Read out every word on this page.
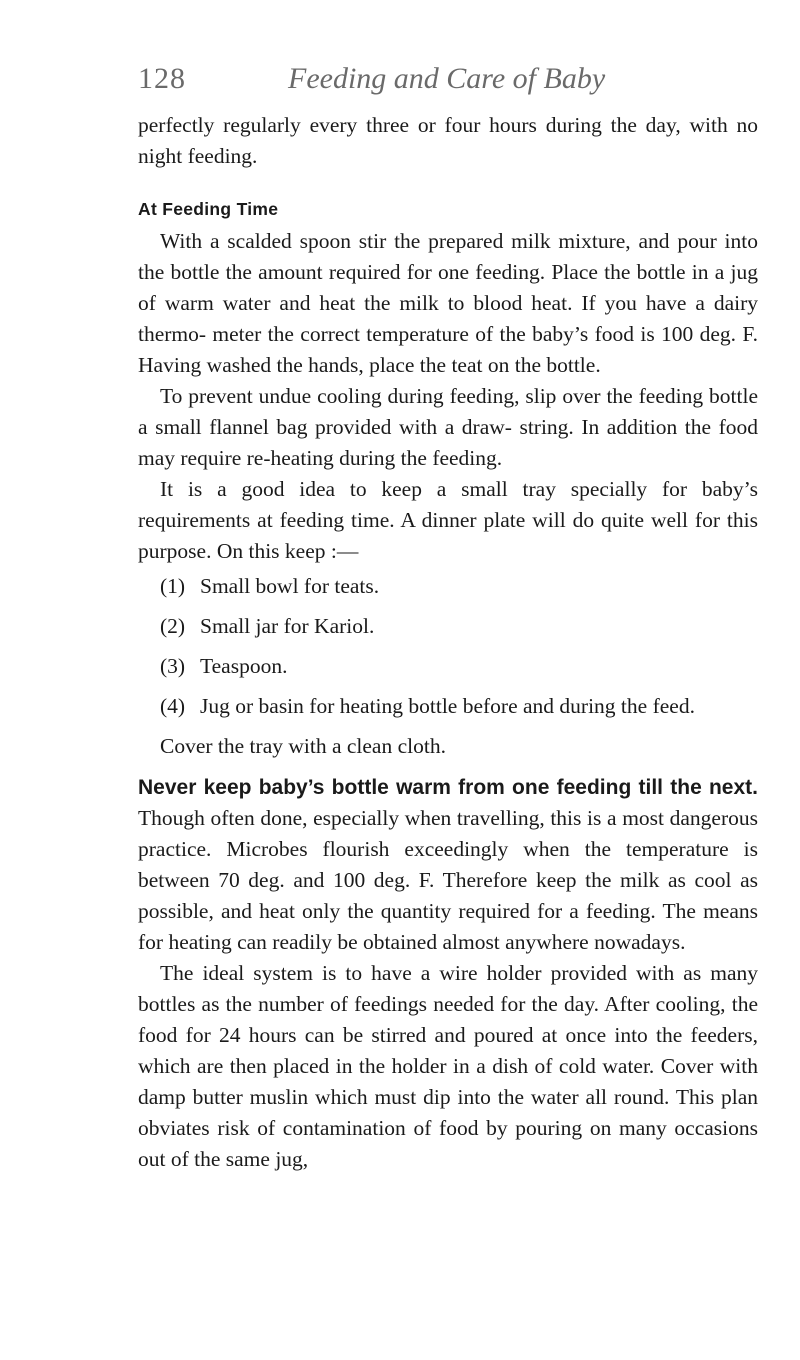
128	Feeding and Care of Baby

perfectly regularly every three or four hours during the day, with no night feeding.

At Feeding Time

With a scalded spoon stir the prepared milk mixture, and pour into the bottle the amount required for one feeding. Place the bottle in a jug of warm water and heat the milk to blood heat. If you have a dairy thermo- meter the correct temperature of the baby’s food is 100 deg. F. Having washed the hands, place the teat on the bottle.

To prevent undue cooling during feeding, slip over the feeding bottle a small flannel bag provided with a draw- string. In addition the food may require re-heating during the feeding.

It is a good idea to keep a small tray specially for baby’s requirements at feeding time. A dinner plate will do quite well for this purpose. On this keep :—

(1) Small bowl for teats.
(2) Small jar for Kariol.
(3) Teaspoon.
(4) Jug or basin for heating bottle before and during the feed.

Cover the tray with a clean cloth.

Never keep baby’s bottle warm from one feeding till the next. Though often done, especially when travelling, this is a most dangerous practice. Microbes flourish exceedingly when the temperature is between 70 deg. and 100 deg. F. Therefore keep the milk as cool as possible, and heat only the quantity required for a feeding. The means for heating can readily be obtained almost anywhere nowadays.

The ideal system is to have a wire holder provided with as many bottles as the number of feedings needed for the day. After cooling, the food for 24 hours can be stirred and poured at once into the feeders, which are then placed in the holder in a dish of cold water. Cover with damp butter muslin which must dip into the water all round. This plan obviates risk of contamination of food by pouring on many occasions out of the same jug,
